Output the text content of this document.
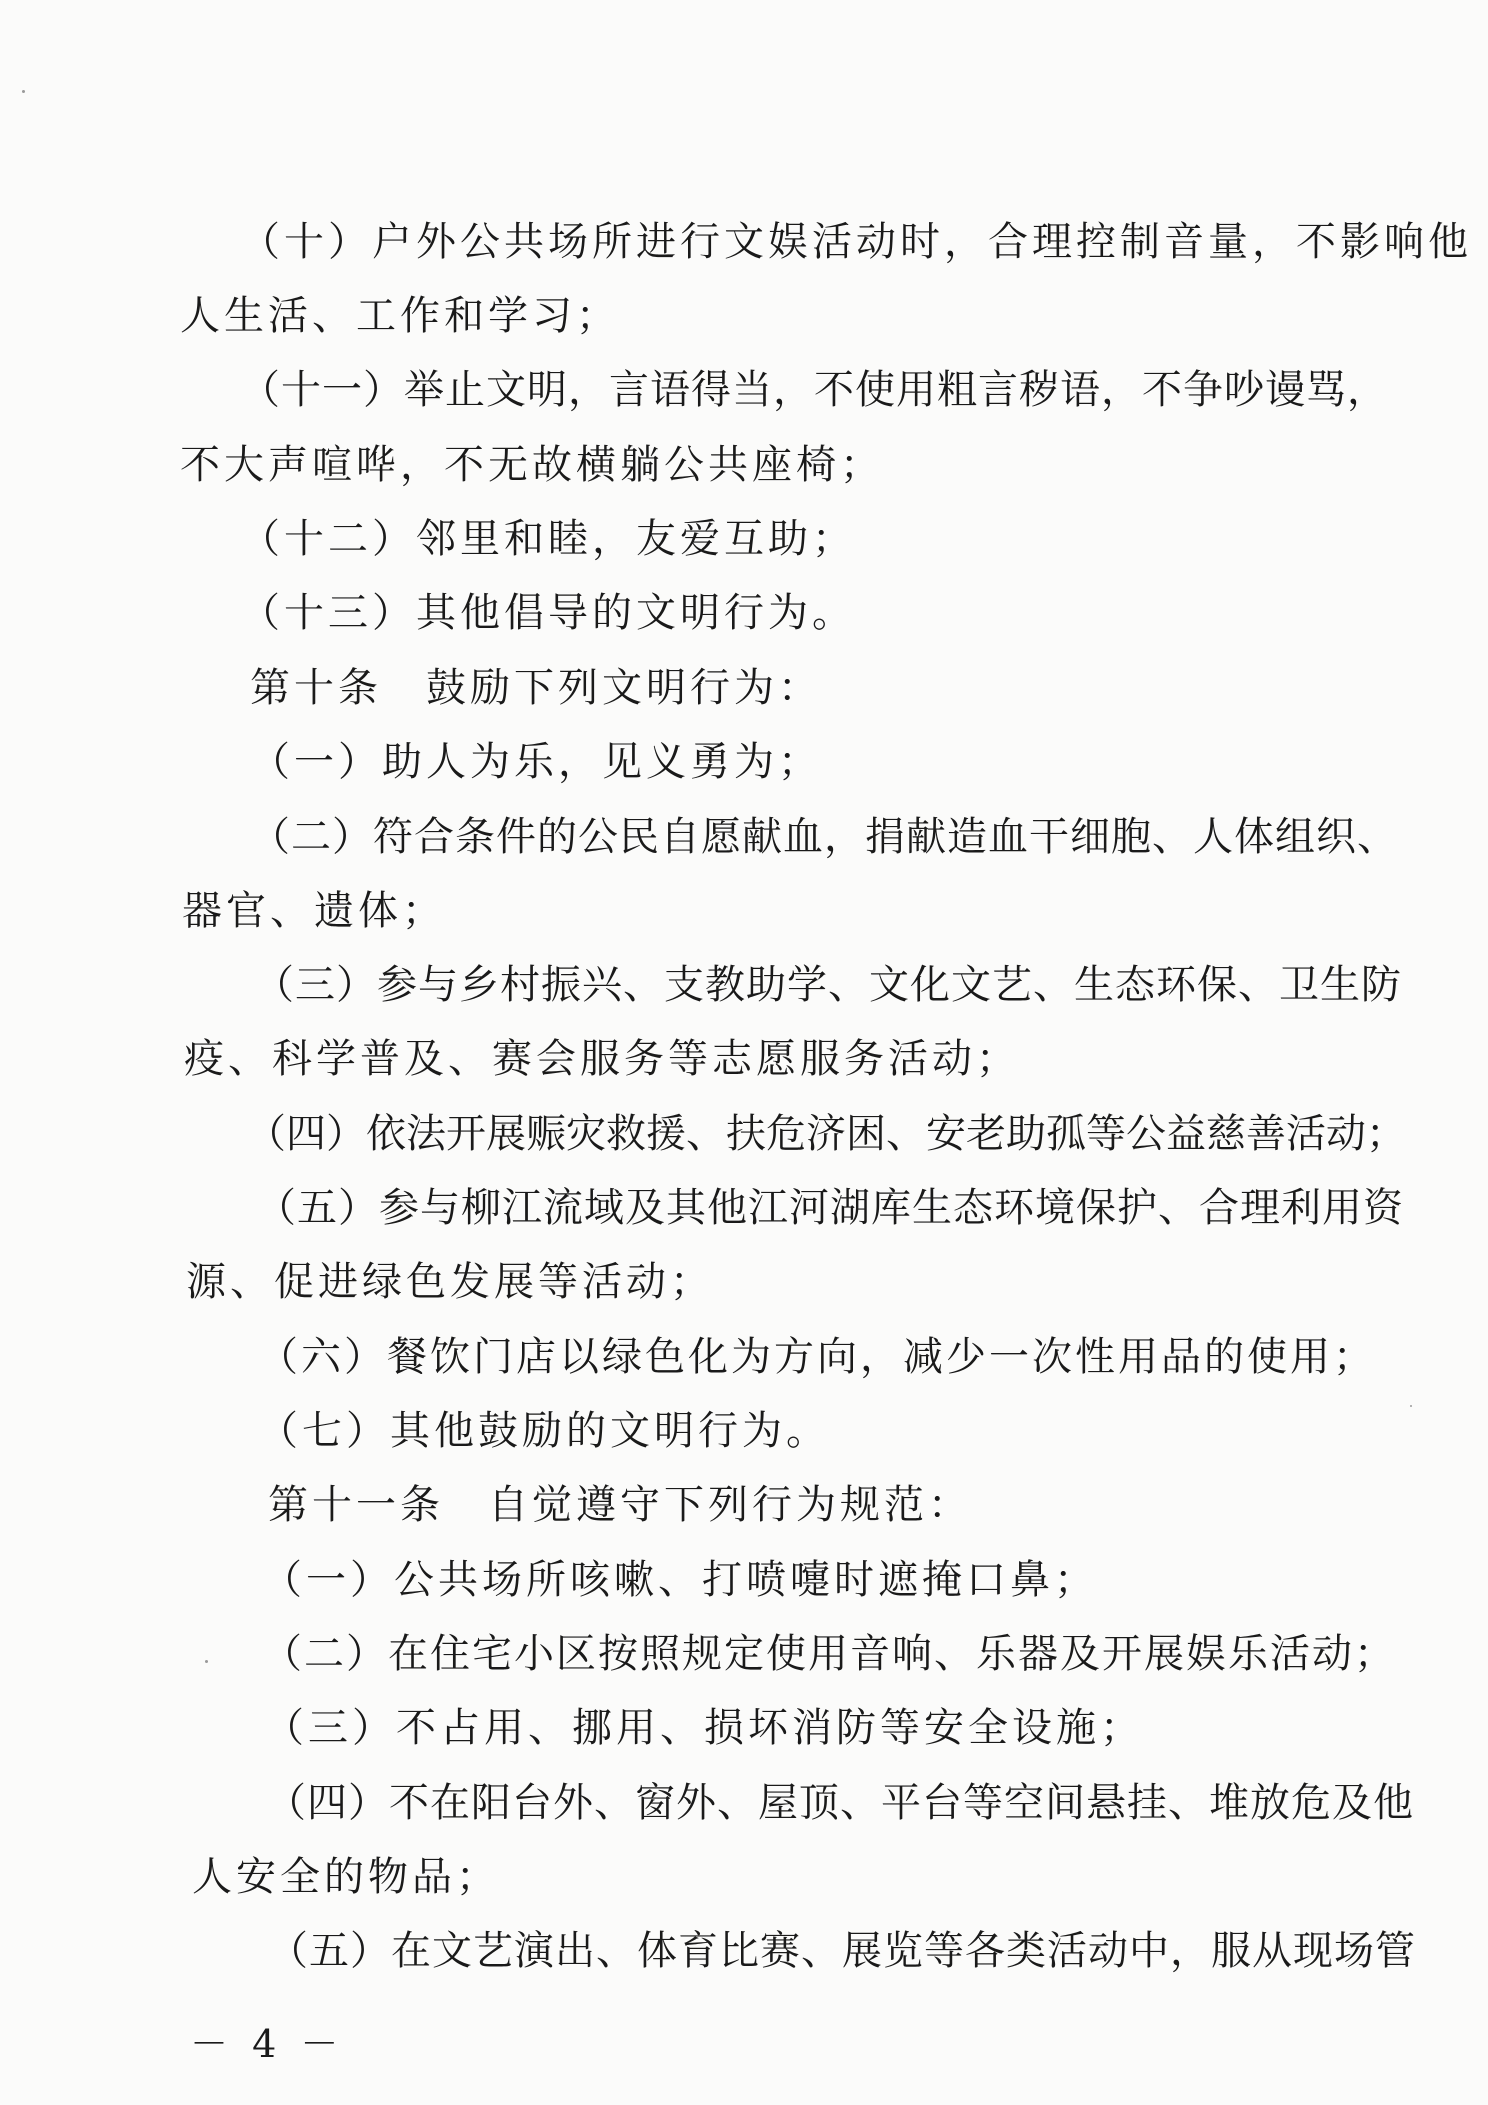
（十）户外公共场所进行文娱活动时，合理控制音量，不影响他
人生活、工作和学习；
（十一）举止文明，言语得当，不使用粗言秽语，不争吵谩骂，
不大声喧哗，不无故横躺公共座椅；
（十二）邻里和睦，友爱互助；
（十三）其他倡导的文明行为。
第十条　鼓励下列文明行为：
（一）助人为乐，见义勇为；
（二）符合条件的公民自愿献血，捐献造血干细胞、人体组织、
器官、遗体；
（三）参与乡村振兴、支教助学、文化文艺、生态环保、卫生防
疫、科学普及、赛会服务等志愿服务活动；
（四）依法开展赈灾救援、扶危济困、安老助孤等公益慈善活动；
（五）参与柳江流域及其他江河湖库生态环境保护、合理利用资
源、促进绿色发展等活动；
（六）餐饮门店以绿色化为方向，减少一次性用品的使用；
（七）其他鼓励的文明行为。
第十一条　自觉遵守下列行为规范：
（一）公共场所咳嗽、打喷嚏时遮掩口鼻；
（二）在住宅小区按照规定使用音响、乐器及开展娱乐活动；
（三）不占用、挪用、损坏消防等安全设施；
（四）不在阳台外、窗外、屋顶、平台等空间悬挂、堆放危及他
人安全的物品；
（五）在文艺演出、体育比赛、展览等各类活动中，服从现场管
－ 4 －
